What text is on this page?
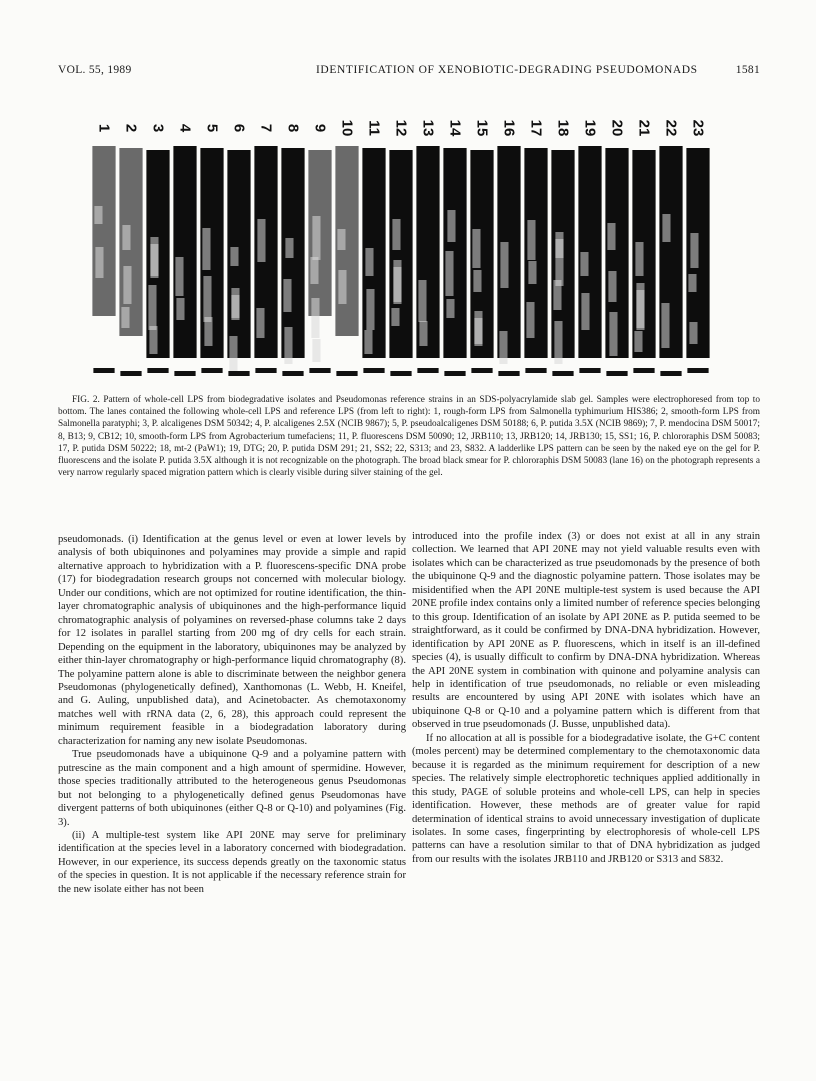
VOL. 55, 1989	IDENTIFICATION OF XENOBIOTIC-DEGRADING PSEUDOMONADS	1581
1 2 3 4 5 6 7 8 9 10 11 12 13 14 15 16 17 18 19 20 21 22 23

FIG. 2. Pattern of whole-cell LPS from biodegradative isolates and Pseudomonas reference strains in an SDS-polyacrylamide slab gel. Samples were electrophoresed from top to bottom. The lanes contained the following whole-cell LPS and reference LPS (from left to right): 1, rough-form LPS from Salmonella typhimurium HIS386; 2, smooth-form LPS from Salmonella paratyphi; 3, P. alcaligenes DSM 50342; 4, P. alcaligenes 2.5X (NCIB 9867); 5, P. pseudoalcaligenes DSM 50188; 6, P. putida 3.5X (NCIB 9869); 7, P. mendocina DSM 50017; 8, B13; 9, CB12; 10, smooth-form LPS from Agrobacterium tumefaciens; 11, P. fluorescens DSM 50090; 12, JRB110; 13, JRB120; 14, JRB130; 15, SS1; 16, P. chlororaphis DSM 50083; 17, P. putida DSM 50222; 18, mt-2 (PaW1); 19, DTG; 20, P. putida DSM 291; 21, SS2; 22, S313; and 23, S832. A ladderlike LPS pattern can be seen by the naked eye on the gel for P. fluorescens and the isolate P. putida 3.5X although it is not recognizable on the photograph. The broad black smear for P. chlororaphis DSM 50083 (lane 16) on the photograph represents a very narrow regularly spaced migration pattern which is clearly visible during silver staining of the gel.

pseudomonads. (i) Identification at the genus level or even at lower levels by analysis of both ubiquinones and polyamines may provide a simple and rapid alternative approach to hybridization with a P. fluorescens-specific DNA probe (17) for biodegradation research groups not concerned with molecular biology. Under our conditions, which are not optimized for routine identification, the thin-layer chromatographic analysis of ubiquinones and the high-performance liquid chromatographic analysis of polyamines on reversed-phase columns take 2 days for 12 isolates in parallel starting from 200 mg of dry cells for each strain. Depending on the equipment in the laboratory, ubiquinones may be analyzed by either thin-layer chromatography or high-performance liquid chromatography (8). The polyamine pattern alone is able to discriminate between the neighbor genera Pseudomonas (phylogenetically defined), Xanthomonas (L. Webb, H. Kneifel, and G. Auling, unpublished data), and Acinetobacter. As chemotaxonomy matches well with rRNA data (2, 6, 28), this approach could represent the minimum requirement feasible in a biodegradation laboratory during characterization for naming any new isolate Pseudomonas.

True pseudomonads have a ubiquinone Q-9 and a polyamine pattern with putrescine as the main component and a high amount of spermidine. However, those species traditionally attributed to the heterogeneous genus Pseudomonas but not belonging to a phylogenetically defined genus Pseudomonas have divergent patterns of both ubiquinones (either Q-8 or Q-10) and polyamines (Fig. 3).

(ii) A multiple-test system like API 20NE may serve for preliminary identification at the species level in a laboratory concerned with biodegradation. However, in our experience, its success depends greatly on the taxonomic status of the species in question. It is not applicable if the necessary reference strain for the new isolate either has not been

introduced into the profile index (3) or does not exist at all in any strain collection. We learned that API 20NE may not yield valuable results even with isolates which can be characterized as true pseudomonads by the presence of both the ubiquinone Q-9 and the diagnostic polyamine pattern. Those isolates may be misidentified when the API 20NE multiple-test system is used because the API 20NE profile index contains only a limited number of reference species belonging to this group. Identification of an isolate by API 20NE as P. putida seemed to be straightforward, as it could be confirmed by DNA-DNA hybridization. However, identification by API 20NE as P. fluorescens, which in itself is an ill-defined species (4), is usually difficult to confirm by DNA-DNA hybridization. Whereas the API 20NE system in combination with quinone and polyamine analysis can help in identification of true pseudomonads, no reliable or even misleading results are encountered by using API 20NE with isolates which have an ubiquinone Q-8 or Q-10 and a polyamine pattern which is different from that observed in true pseudomonads (J. Busse, unpublished data).

If no allocation at all is possible for a biodegradative isolate, the G+C content (moles percent) may be determined complementary to the chemotaxonomic data because it is regarded as the minimum requirement for description of a new species. The relatively simple electrophoretic techniques applied additionally in this study, PAGE of soluble proteins and whole-cell LPS, can help in species identification. However, these methods are of greater value for rapid determination of identical strains to avoid unnecessary investigation of duplicate isolates. In some cases, fingerprinting by electrophoresis of whole-cell LPS patterns can have a resolution similar to that of DNA hybridization as judged from our results with the isolates JRB110 and JRB120 or S313 and S832.
